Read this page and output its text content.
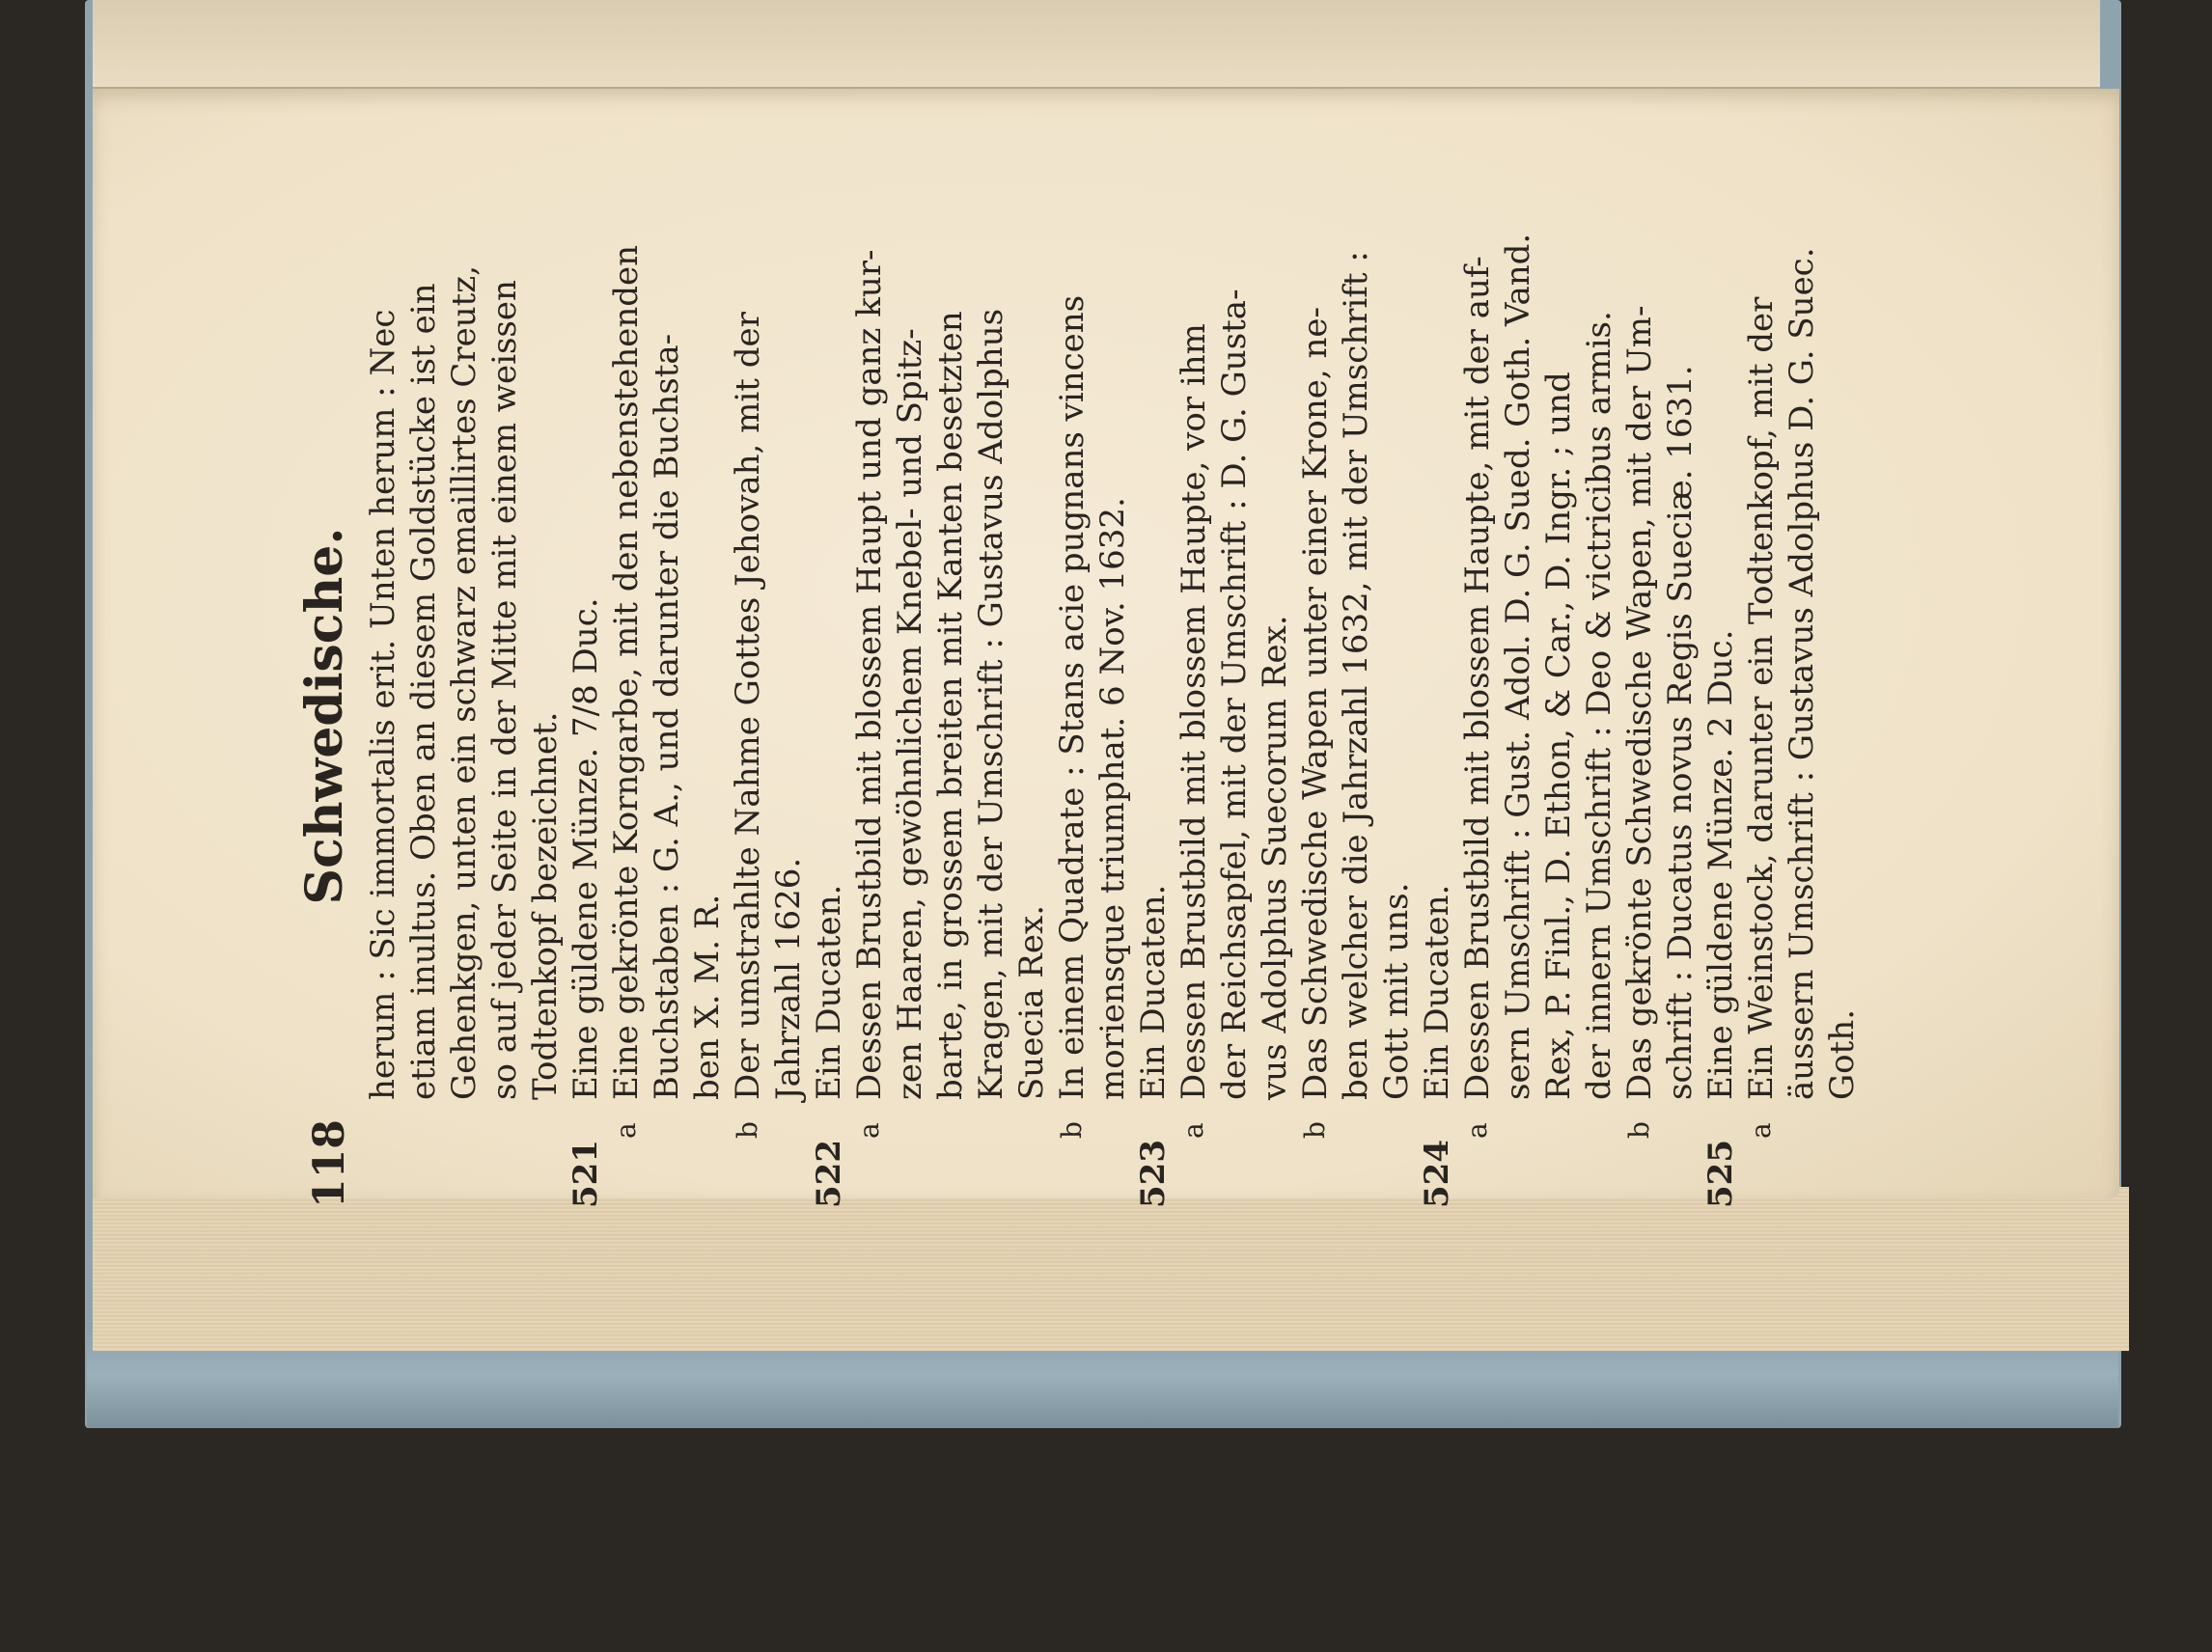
118
Schwedische. herum : Sic immortalis erit. Unten herum : Nec etiam inultus. Oben an diesem Goldstücke ist ein Gehenkgen, unten ein schwarz emaillirtes Creutz, so auf jeder Seite in der Mitte mit einem weissen Todtenkopf bezeichnet.
521
Eine güldene Münze. 7/8 Duc.
a
Eine gekrönte Korngarbe, mit den nebenstehenden Buchstaben : G. A., und darunter die Buchsta- ben X. M. R.
b
Der umstrahlte Nahme Gottes Jehovah, mit der Jahrzahl 1626.
522
Ein Ducaten.
a
Dessen Brustbild mit blossem Haupt und ganz kur- zen Haaren, gewöhnlichem Knebel- und Spitz- barte, in grossem breiten mit Kanten besetzten Kragen, mit der Umschrift : Gustavus Adolphus Suecia Rex.
b
In einem Quadrate : Stans acie pugnans vincens moriensque triumphat. 6 Nov. 1632.
523
Ein Ducaten.
a
Dessen Brustbild mit blossem Haupte, vor ihm der Reichsapfel, mit der Umschrift : D. G. Gusta- vus Adolphus Suecorum Rex.
b
Das Schwedische Wapen unter einer Krone, ne- ben welcher die Jahrzahl 1632, mit der Umschrift : Gott mit uns.
524
Ein Ducaten.
a
Dessen Brustbild mit blossem Haupte, mit der auf- sern Umschrift : Gust. Adol. D. G. Sued. Goth. Vand. Rex, P. Finl., D. Ethon, & Car., D. Ingr. ; und der innern Umschrift : Deo & victricibus armis.
b
Das gekrönte Schwedische Wapen, mit der Um- schrift : Ducatus novus Regis Sueciæ. 1631.
525
Eine güldene Münze. 2 Duc.
a
Ein Weinstock, darunter ein Todtenkopf, mit der äussern Umschrift : Gustavus Adolphus D. G. Suec. Goth.
